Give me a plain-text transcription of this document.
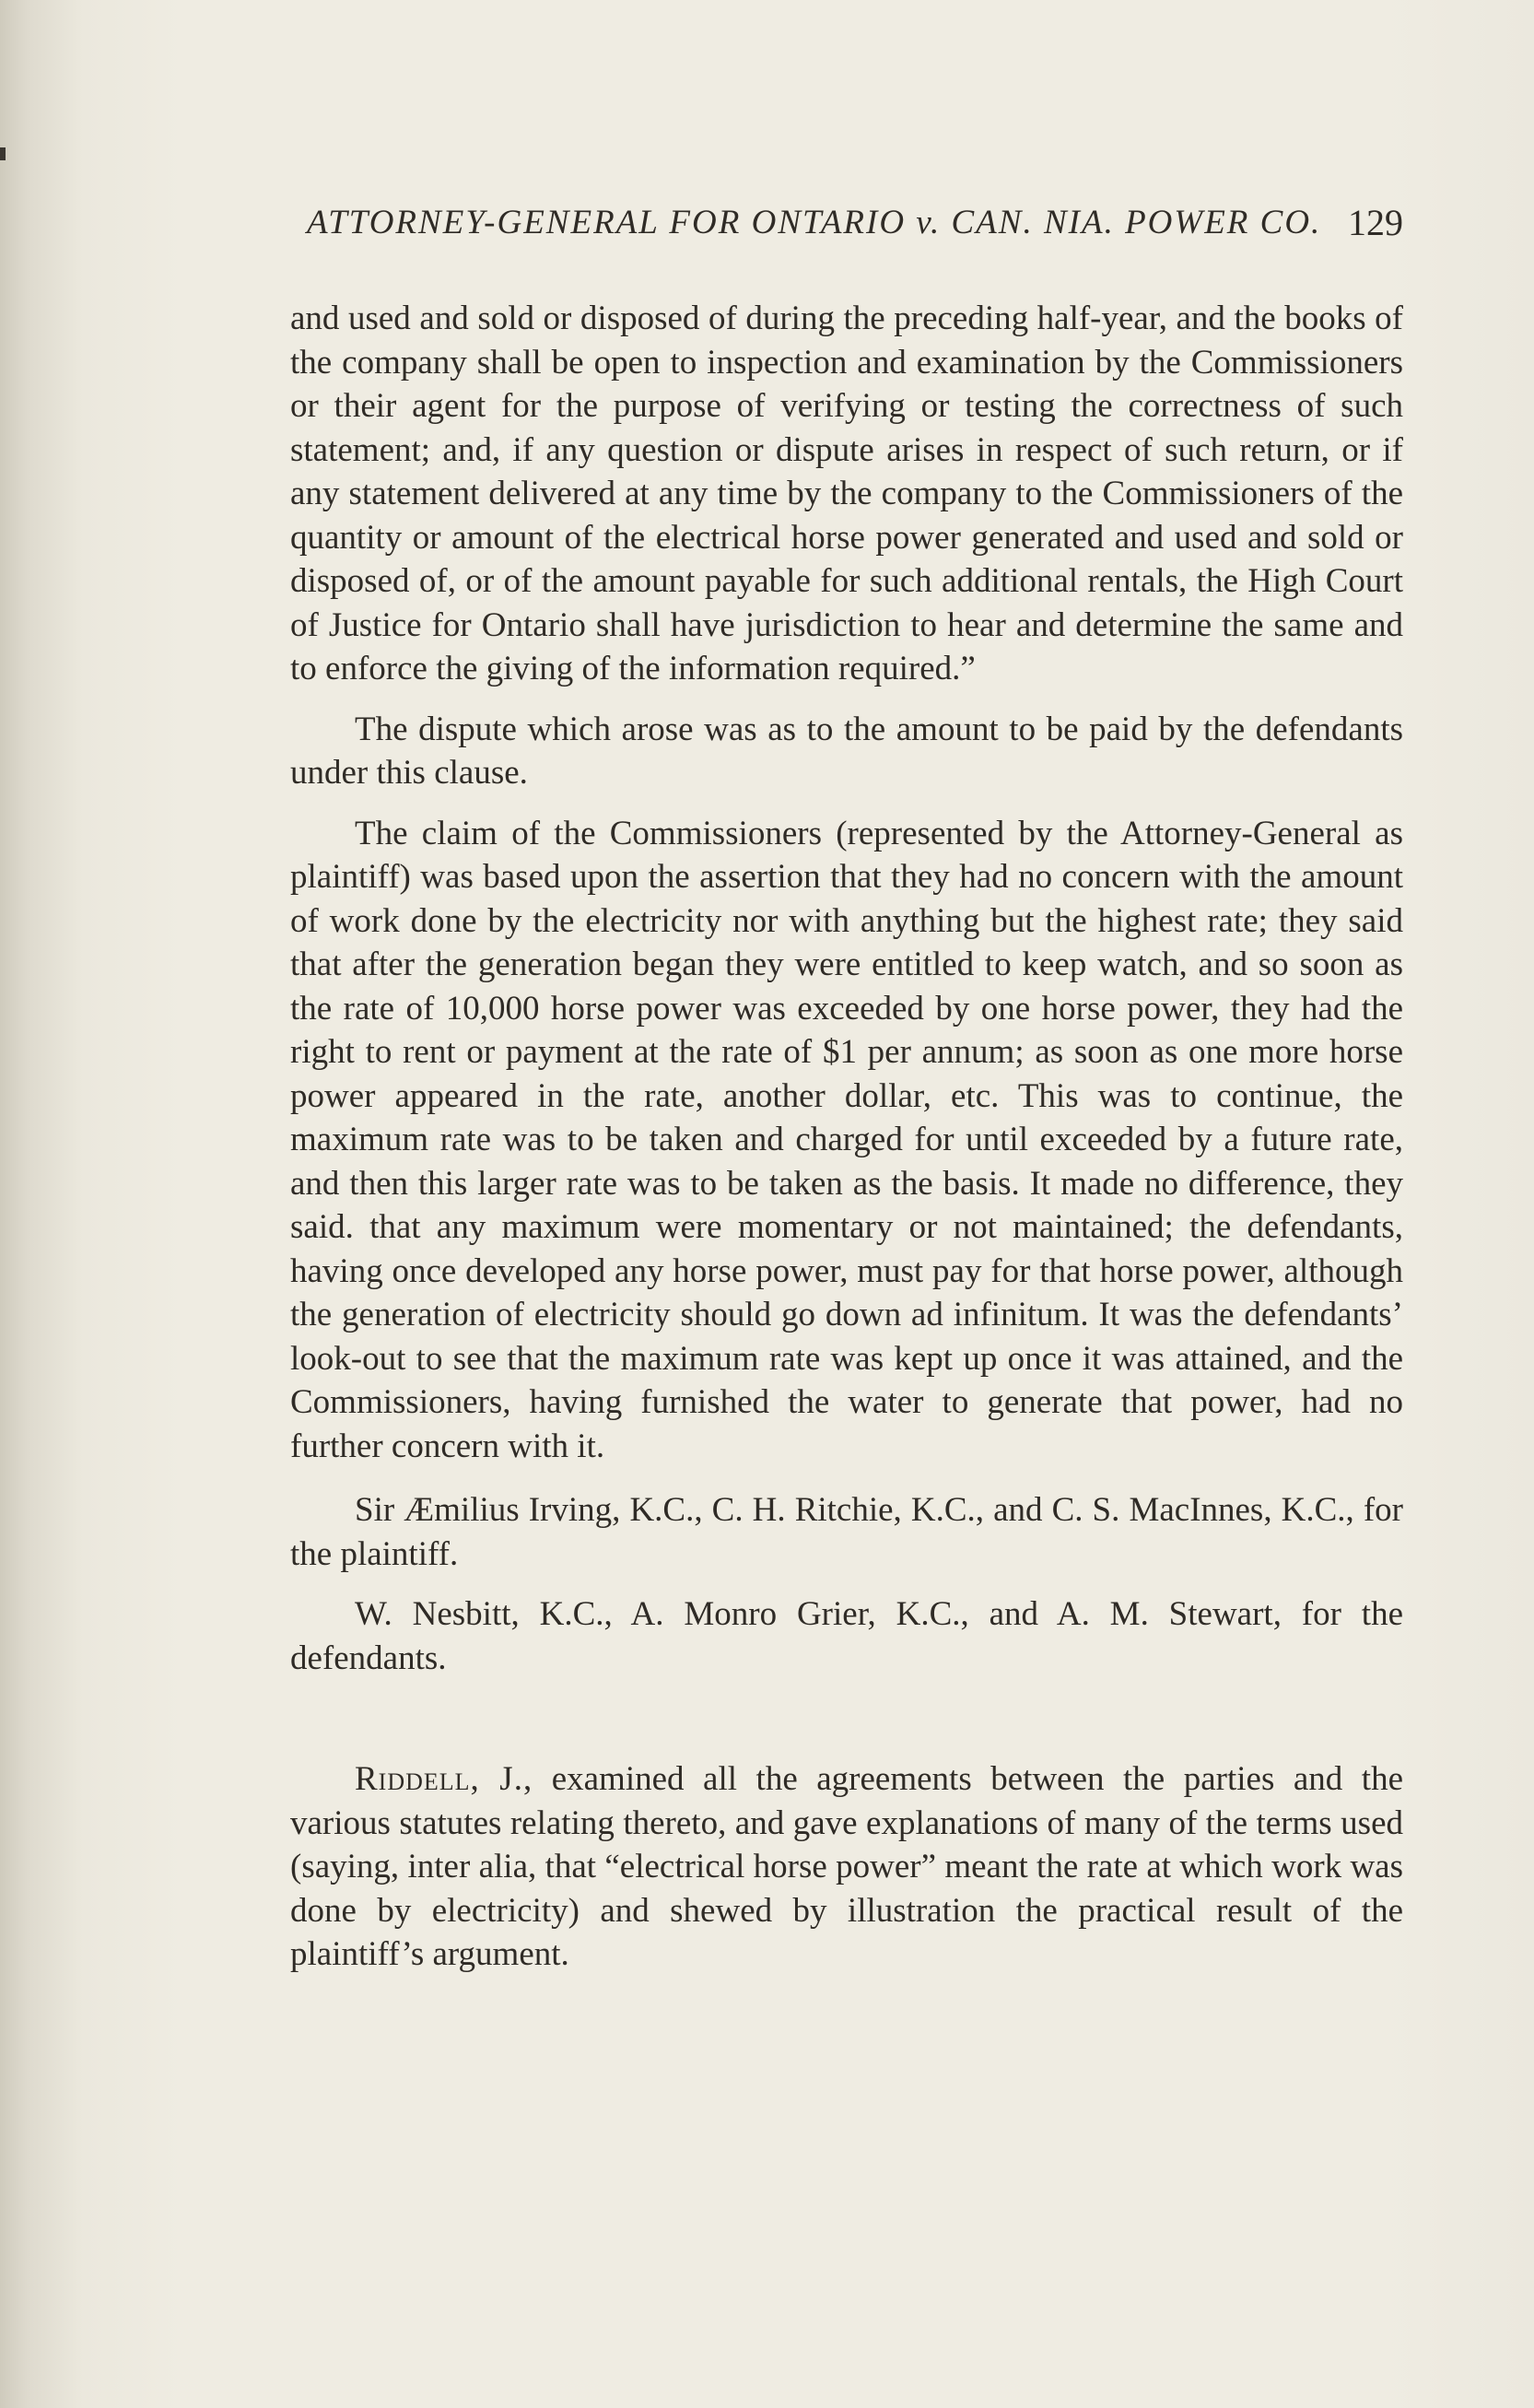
ATTORNEY-GENERAL FOR ONTARIO v. CAN. NIA. POWER CO. 129

and used and sold or disposed of during the preceding half-year, and the books of the company shall be open to inspection and examination by the Commissioners or their agent for the purpose of verifying or testing the correctness of such statement; and, if any question or dispute arises in respect of such return, or if any statement delivered at any time by the company to the Commissioners of the quantity or amount of the electrical horse power generated and used and sold or disposed of, or of the amount payable for such additional rentals, the High Court of Justice for Ontario shall have jurisdiction to hear and determine the same and to enforce the giving of the information required.”

The dispute which arose was as to the amount to be paid by the defendants under this clause.

The claim of the Commissioners (represented by the Attorney-General as plaintiff) was based upon the assertion that they had no concern with the amount of work done by the electricity nor with anything but the highest rate; they said that after the generation began they were entitled to keep watch, and so soon as the rate of 10,000 horse power was exceeded by one horse power, they had the right to rent or payment at the rate of $1 per annum; as soon as one more horse power appeared in the rate, another dollar, etc. This was to continue, the maximum rate was to be taken and charged for until exceeded by a future rate, and then this larger rate was to be taken as the basis. It made no difference, they said. that any maximum were momentary or not maintained; the defendants, having once developed any horse power, must pay for that horse power, although the generation of electricity should go down ad infinitum. It was the defendants’ look-out to see that the maximum rate was kept up once it was attained, and the Commissioners, having furnished the water to generate that power, had no further concern with it.

Sir Æmilius Irving, K.C., C. H. Ritchie, K.C., and C. S. MacInnes, K.C., for the plaintiff.

W. Nesbitt, K.C., A. Monro Grier, K.C., and A. M. Stewart, for the defendants.

Riddell, J., examined all the agreements between the parties and the various statutes relating thereto, and gave explanations of many of the terms used (saying, inter alia, that “electrical horse power” meant the rate at which work was done by electricity) and shewed by illustration the practical result of the plaintiff’s argument.
